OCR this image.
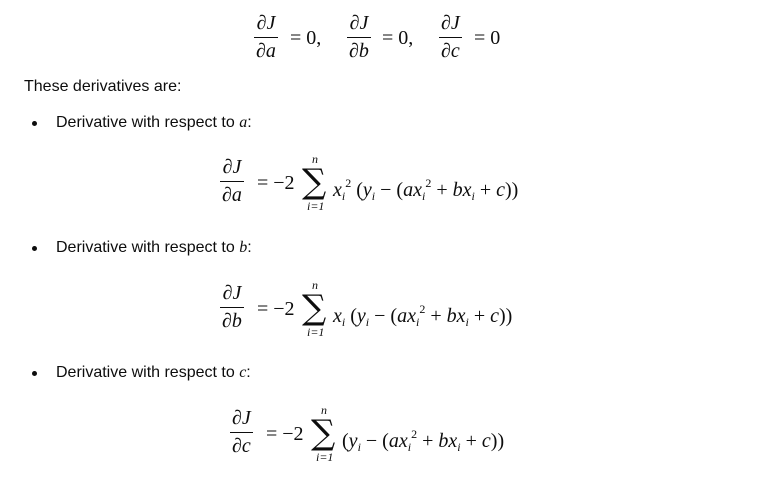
∂J
∂a
= 0,
∂J
∂b
= 0,
∂J
∂c
= 0
These derivatives are:
Derivative with respect to a:
∂J
∂a
= −2
n
∑
i=1
$x_i^2$ $(y_i - (ax_i^2 + bx_i + c))$
Derivative with respect to b:
∂J
∂b
= −2
n
∑
i=1
$x_i$ $(y_i - (ax_i^2 + bx_i + c))$
Derivative with respect to c:
∂J
∂c
= −2
n
∑
i=1
$(y_i - (ax_i^2 + bx_i + c))$
